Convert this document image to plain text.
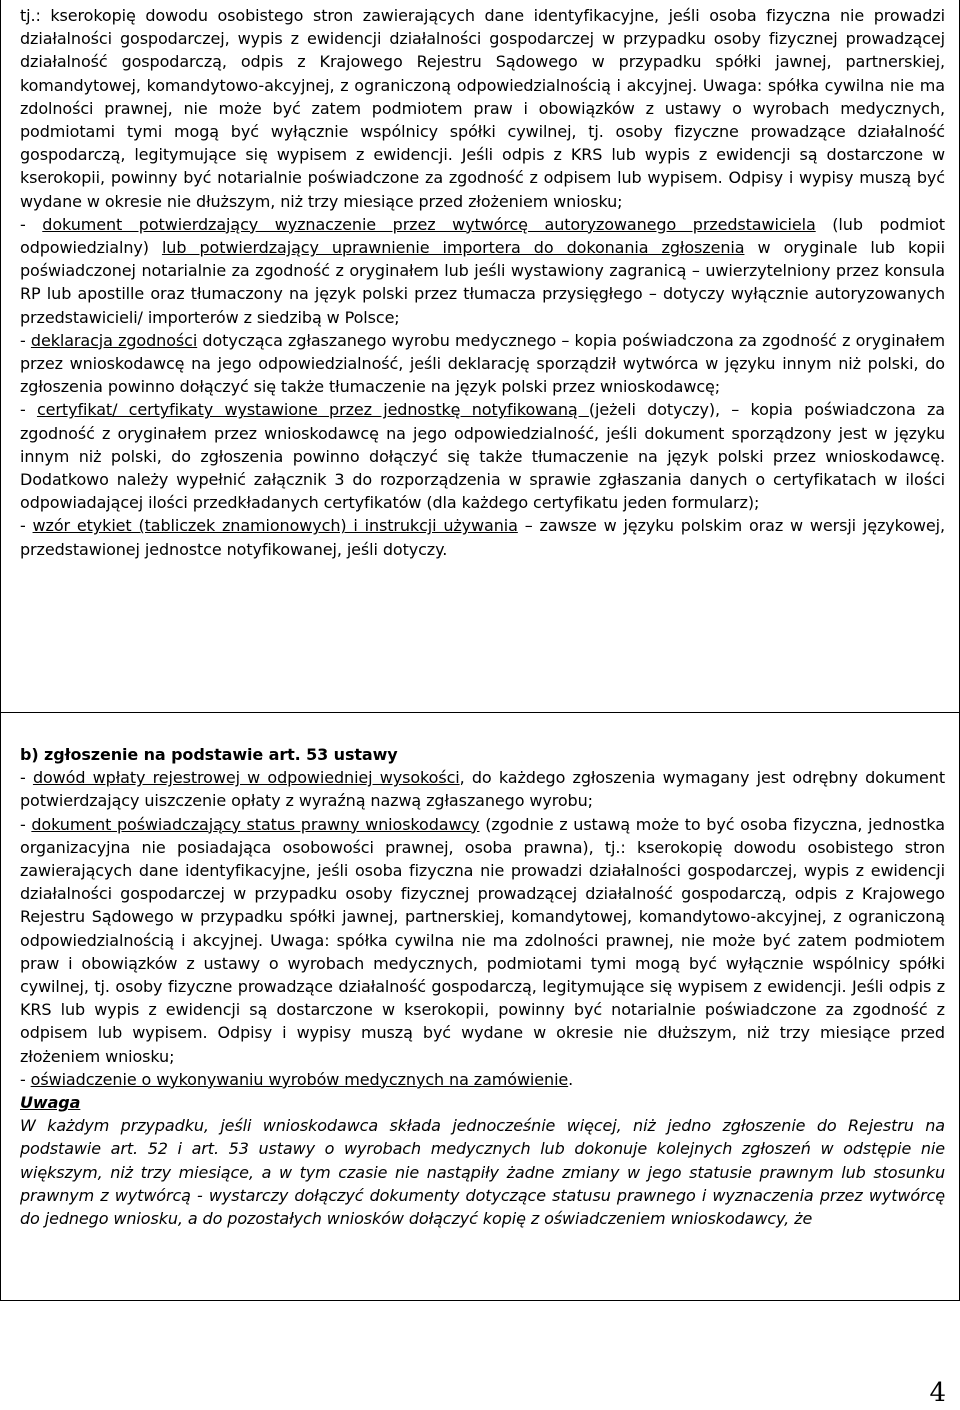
tj.: kserokopię dowodu osobistego stron zawierających dane identyfikacyjne, jeśli osoba fizyczna nie prowadzi działalności gospodarczej, wypis z ewidencji działalności gospodarczej w przypadku osoby fizycznej prowadzącej działalność gospodarczą, odpis z Krajowego Rejestru Sądowego w przypadku spółki jawnej, partnerskiej, komandytowej, komandytowo-akcyjnej, z ograniczoną odpowiedzialnością i akcyjnej. Uwaga: spółka cywilna nie ma zdolności prawnej, nie może być zatem podmiotem praw i obowiązków z ustawy o wyrobach medycznych, podmiotami tymi mogą być wyłącznie wspólnicy spółki cywilnej, tj. osoby fizyczne prowadzące działalność gospodarczą, legitymujące się wypisem z ewidencji. Jeśli odpis z KRS lub wypis z ewidencji są dostarczone w kserokopii, powinny być notarialnie poświadczone za zgodność z odpisem lub wypisem. Odpisy i wypisy muszą być wydane w okresie nie dłuższym, niż trzy miesiące przed złożeniem wniosku;

- dokument potwierdzający wyznaczenie przez wytwórcę autoryzowanego przedstawiciela (lub podmiot odpowiedzialny) lub potwierdzający uprawnienie importera do dokonania zgłoszenia w oryginale lub kopii poświadczonej notarialnie za zgodność z oryginałem lub jeśli wystawiony zagranicą – uwierzytelniony przez konsula RP lub apostille oraz tłumaczony na język polski przez tłumacza przysięgłego – dotyczy wyłącznie autoryzowanych przedstawicieli/ importerów z siedzibą w Polsce;

- deklaracja zgodności dotycząca zgłaszanego wyrobu medycznego – kopia poświadczona za zgodność z oryginałem przez wnioskodawcę na jego odpowiedzialność, jeśli deklarację sporządził wytwórca w języku innym niż polski, do zgłoszenia powinno dołączyć się także tłumaczenie na język polski przez wnioskodawcę;

- certyfikat/ certyfikaty wystawione przez jednostkę notyfikowaną (jeżeli dotyczy), – kopia poświadczona za zgodność z oryginałem przez wnioskodawcę na jego odpowiedzialność, jeśli dokument sporządzony jest w języku innym niż polski, do zgłoszenia powinno dołączyć się także tłumaczenie na język polski przez wnioskodawcę. Dodatkowo należy wypełnić załącznik 3 do rozporządzenia w sprawie zgłaszania danych o certyfikatach w ilości odpowiadającej ilości przedkładanych certyfikatów (dla każdego certyfikatu jeden formularz);

- wzór etykiet (tabliczek znamionowych) i instrukcji używania – zawsze w języku polskim oraz w wersji językowej, przedstawionej jednostce notyfikowanej, jeśli dotyczy.

b) zgłoszenie na podstawie art. 53 ustawy

- dowód wpłaty rejestrowej w odpowiedniej wysokości, do każdego zgłoszenia wymagany jest odrębny dokument potwierdzający uiszczenie opłaty z wyraźną nazwą zgłaszanego wyrobu;

- dokument poświadczający status prawny wnioskodawcy (zgodnie z ustawą może to być osoba fizyczna, jednostka organizacyjna nie posiadająca osobowości prawnej, osoba prawna), tj.: kserokopię dowodu osobistego stron zawierających dane identyfikacyjne, jeśli osoba fizyczna nie prowadzi działalności gospodarczej, wypis z ewidencji działalności gospodarczej w przypadku osoby fizycznej prowadzącej działalność gospodarczą, odpis z Krajowego Rejestru Sądowego w przypadku spółki jawnej, partnerskiej, komandytowej, komandytowo-akcyjnej, z ograniczoną odpowiedzialnością i akcyjnej. Uwaga: spółka cywilna nie ma zdolności prawnej, nie może być zatem podmiotem praw i obowiązków z ustawy o wyrobach medycznych, podmiotami tymi mogą być wyłącznie wspólnicy spółki cywilnej, tj. osoby fizyczne prowadzące działalność gospodarczą, legitymujące się wypisem z ewidencji. Jeśli odpis z KRS lub wypis z ewidencji są dostarczone w kserokopii, powinny być notarialnie poświadczone za zgodność z odpisem lub wypisem. Odpisy i wypisy muszą być wydane w okresie nie dłuższym, niż trzy miesiące przed złożeniem wniosku;

- oświadczenie o wykonywaniu wyrobów medycznych na zamówienie.

Uwaga

W każdym przypadku, jeśli wnioskodawca składa jednocześnie więcej, niż jedno zgłoszenie do Rejestru na podstawie art. 52 i art. 53 ustawy o wyrobach medycznych lub dokonuje kolejnych zgłoszeń w odstępie nie większym, niż trzy miesiące, a w tym czasie nie nastąpiły żadne zmiany w jego statusie prawnym lub stosunku prawnym z wytwórcą - wystarczy dołączyć dokumenty dotyczące statusu prawnego i wyznaczenia przez wytwórcę do jednego wniosku, a do pozostałych wniosków dołączyć kopię z oświadczeniem wnioskodawcy, że

4
